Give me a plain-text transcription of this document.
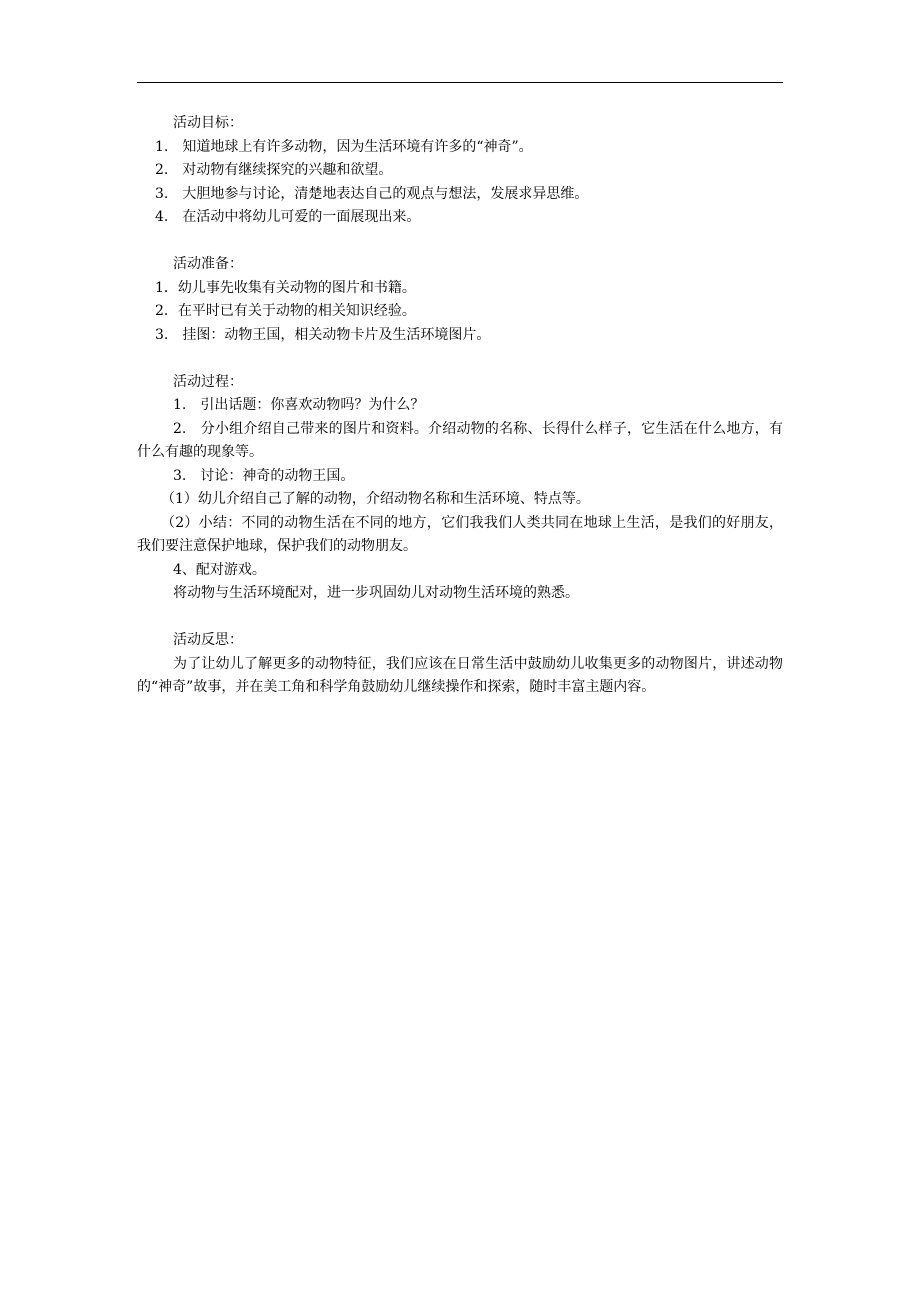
活动目标：
1.　知道地球上有许多动物，因为生活环境有许多的“神奇”。
2.　对动物有继续探究的兴趣和欲望。
3.　大胆地参与讨论，清楚地表达自己的观点与想法，发展求异思维。
4.　在活动中将幼儿可爱的一面展现出来。
活动准备：
1．幼儿事先收集有关动物的图片和书籍。
2．在平时已有关于动物的相关知识经验。
3.　挂图：动物王国，相关动物卡片及生活环境图片。
活动过程：
1.　引出话题：你喜欢动物吗？为什么？
2.　分小组介绍自己带来的图片和资料。介绍动物的名称、长得什么样子，它生活在什么地方，有什么有趣的现象等。
3.　讨论：神奇的动物王国。
（1）幼儿介绍自己了解的动物，介绍动物名称和生活环境、特点等。
（2）小结：不同的动物生活在不同的地方，它们我我们人类共同在地球上生活，是我们的好朋友，我们要注意保护地球，保护我们的动物朋友。
4、配对游戏。
将动物与生活环境配对，进一步巩固幼儿对动物生活环境的熟悉。
活动反思：
为了让幼儿了解更多的动物特征，我们应该在日常生活中鼓励幼儿收集更多的动物图片，讲述动物的“神奇”故事，并在美工角和科学角鼓励幼儿继续操作和探索，随时丰富主题内容。
